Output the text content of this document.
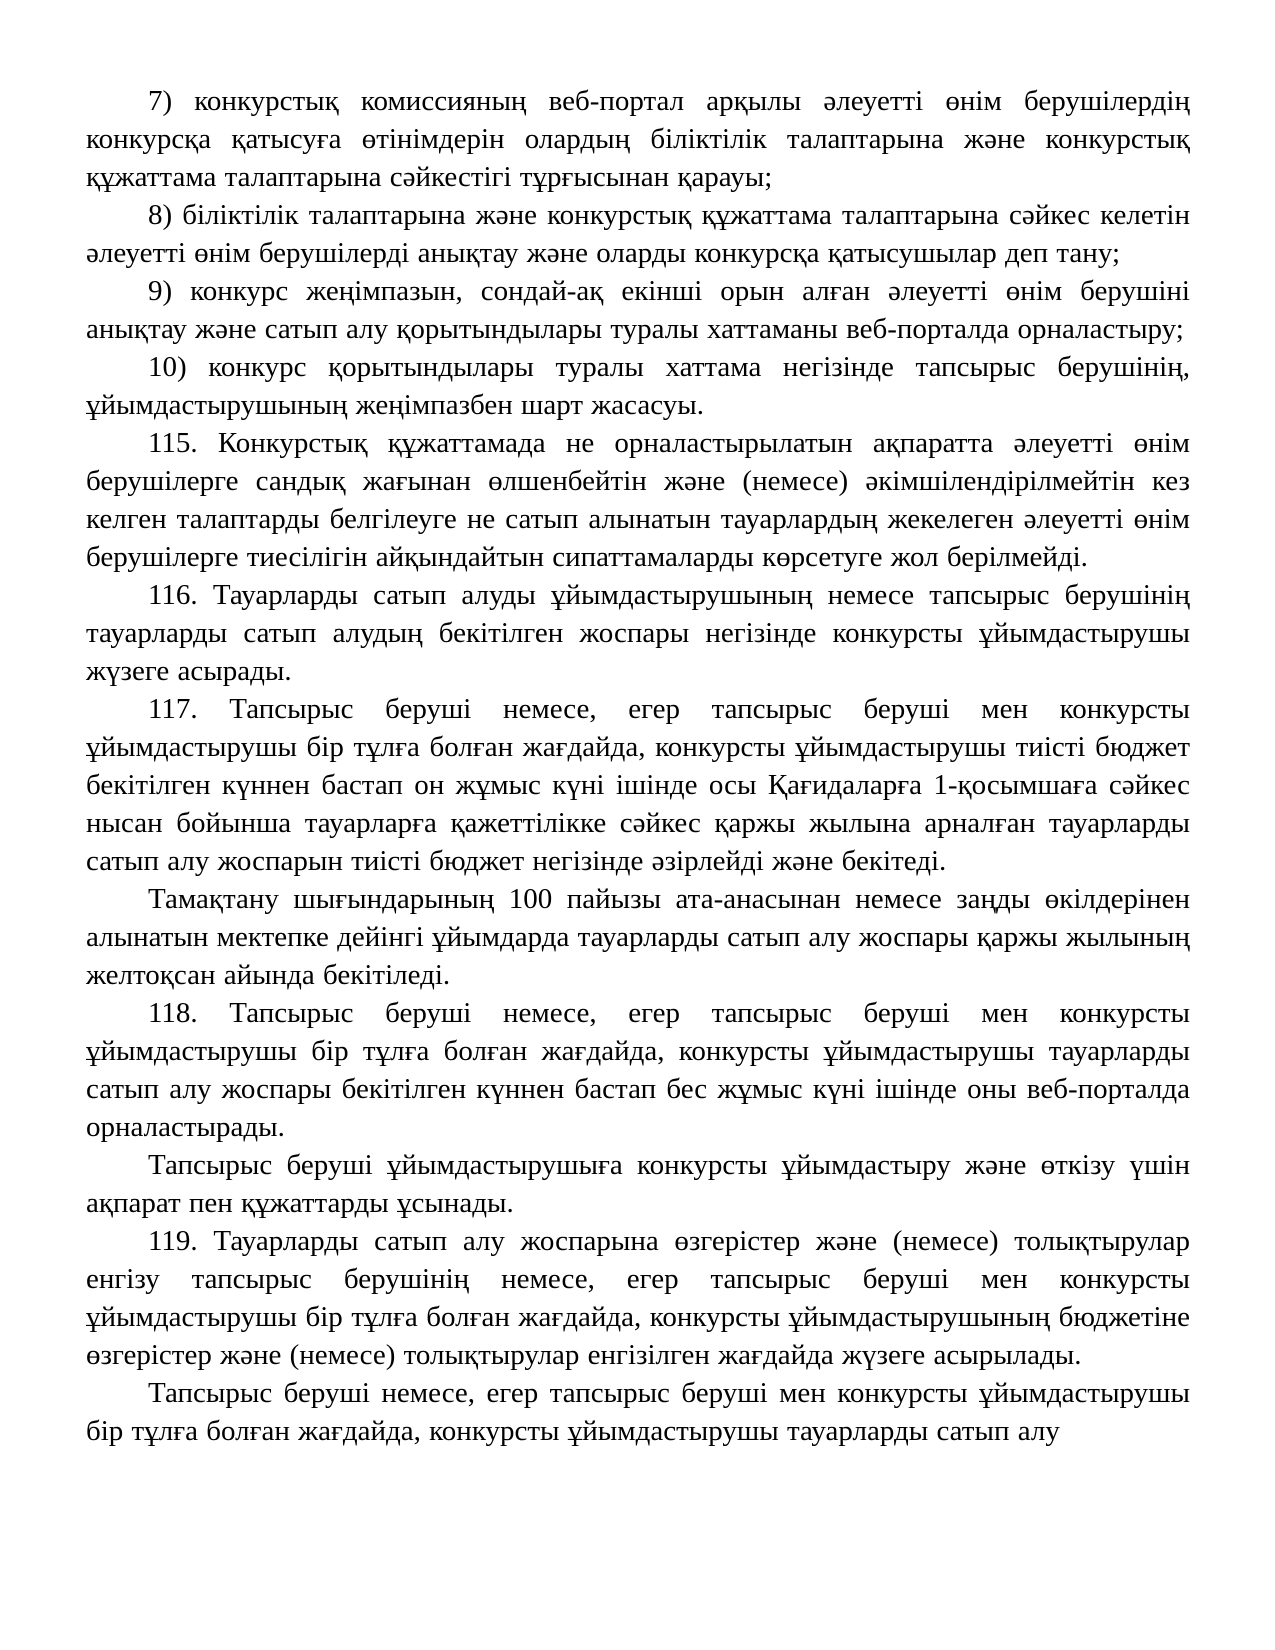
7) конкурстық комиссияның веб-портал арқылы әлеуетті өнім берушілердің конкурсқа қатысуға өтінімдерін олардың біліктілік талаптарына және конкурстық құжаттама талаптарына сәйкестігі тұрғысынан қарауы;

8) біліктілік талаптарына және конкурстық құжаттама талаптарына сәйкес келетін әлеуетті өнім берушілерді анықтау және оларды конкурсқа қатысушылар деп тану;

9) конкурс жеңімпазын, сондай-ақ екінші орын алған әлеуетті өнім берушіні анықтау және сатып алу қорытындылары туралы хаттаманы веб-порталда орналастыру;

10) конкурс қорытындылары туралы хаттама негізінде тапсырыс берушінің, ұйымдастырушының жеңімпазбен шарт жасасуы.

115. Конкурстық құжаттамада не орналастырылатын ақпаратта әлеуетті өнім берушілерге сандық жағынан өлшенбейтін және (немесе) әкімшілендірілмейтін кез келген талаптарды белгілеуге не сатып алынатын тауарлардың жекелеген әлеуетті өнім берушілерге тиесілігін айқындайтын сипаттамаларды көрсетуге жол берілмейді.

116. Тауарларды сатып алуды ұйымдастырушының немесе тапсырыс берушінің тауарларды сатып алудың бекітілген жоспары негізінде конкурсты ұйымдастырушы жүзеге асырады.

117. Тапсырыс беруші немесе, егер тапсырыс беруші мен конкурсты ұйымдастырушы бір тұлға болған жағдайда, конкурсты ұйымдастырушы тиісті бюджет бекітілген күннен бастап он жұмыс күні ішінде осы Қағидаларға 1-қосымшаға сәйкес нысан бойынша тауарларға қажеттілікке сәйкес қаржы жылына арналған тауарларды сатып алу жоспарын тиісті бюджет негізінде әзірлейді және бекітеді.

Тамақтану шығындарының 100 пайызы ата-анасынан немесе заңды өкілдерінен алынатын мектепке дейінгі ұйымдарда тауарларды сатып алу жоспары қаржы жылының желтоқсан айында бекітіледі.

118. Тапсырыс беруші немесе, егер тапсырыс беруші мен конкурсты ұйымдастырушы бір тұлға болған жағдайда, конкурсты ұйымдастырушы тауарларды сатып алу жоспары бекітілген күннен бастап бес жұмыс күні ішінде оны веб-порталда орналастырады.

Тапсырыс беруші ұйымдастырушыға конкурсты ұйымдастыру және өткізу үшін ақпарат пен құжаттарды ұсынады.

119. Тауарларды сатып алу жоспарына өзгерістер және (немесе) толықтырулар енгізу тапсырыс берушінің немесе, егер тапсырыс беруші мен конкурсты ұйымдастырушы бір тұлға болған жағдайда, конкурсты ұйымдастырушының бюджетіне өзгерістер және (немесе) толықтырулар енгізілген жағдайда жүзеге асырылады.

Тапсырыс беруші немесе, егер тапсырыс беруші мен конкурсты ұйымдастырушы бір тұлға болған жағдайда, конкурсты ұйымдастырушы тауарларды сатып алу
